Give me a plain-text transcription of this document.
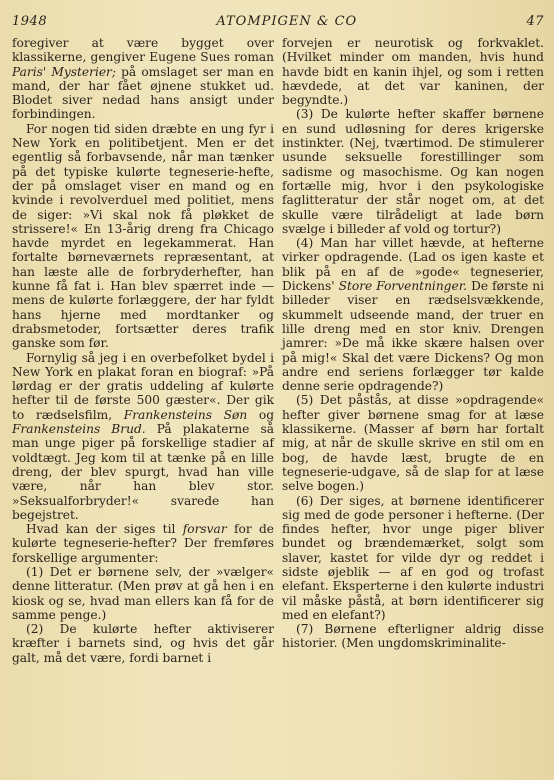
1948	ATOMPIGEN & CO	47

foregiver at være bygget over klassikerne, gengiver Eugene Sues roman Paris' Mysterier; på omslaget ser man en mand, der har fået øjnene stukket ud. Blodet siver nedad hans ansigt under forbindingen.

For nogen tid siden dræbte en ung fyr i New York en politibetjent. Men er det egentlig så forbavsende, når man tænker på det typiske kulørte tegneserie-hefte, der på omslaget viser en mand og en kvinde i revolverduel med politiet, mens de siger: »Vi skal nok få pløkket de strissere!« En 13-årig dreng fra Chicago havde myrdet en legekammerat. Han fortalte børneværnets repræsentant, at han læste alle de forbryderhefter, han kunne få fat i. Han blev spærret inde — mens de kulørte forlæggere, der har fyldt hans hjerne med mordtanker og drabsmetoder, fortsætter deres trafik ganske som før.

Fornylig så jeg i en overbefolket bydel i New York en plakat foran en biograf: »På lørdag er der gratis uddeling af kulørte hefter til de første 500 gæster«. Der gik to rædselsfilm, Frankensteins Søn og Frankensteins Brud. På plakaterne så man unge piger på forskellige stadier af voldtægt. Jeg kom til at tænke på en lille dreng, der blev spurgt, hvad han ville være, når han blev stor. »Seksualforbryder!« svarede han begejstret.

Hvad kan der siges til forsvar for de kulørte tegneserie-hefter? Der fremføres forskellige argumenter:

(1) Det er børnene selv, der »vælger« denne litteratur. (Men prøv at gå hen i en kiosk og se, hvad man ellers kan få for de samme penge.)

(2) De kulørte hefter aktiviserer kræfter i barnets sind, og hvis det går galt, må det være, fordi barnet i

forvejen er neurotisk og forkvaklet. (Hvilket minder om manden, hvis hund havde bidt en kanin ihjel, og som i retten hævdede, at det var kaninen, der begyndte.)

(3) De kulørte hefter skaffer børnene en sund udløsning for deres krigerske instinkter. (Nej, tværtimod. De stimulerer usunde seksuelle forestillinger som sadisme og masochisme. Og kan nogen fortælle mig, hvor i den psykologiske faglitteratur der står noget om, at det skulle være tilrådeligt at lade børn svælge i billeder af vold og tortur?)

(4) Man har villet hævde, at hefterne virker opdragende. (Lad os igen kaste et blik på en af de »gode« tegneserier, Dickens' Store Forventninger. De første ni billeder viser en rædselsvækkende, skummelt udseende mand, der truer en lille dreng med en stor kniv. Drengen jamrer: »De må ikke skære halsen over på mig!« Skal det være Dickens? Og mon andre end seriens forlægger tør kalde denne serie opdragende?)

(5) Det påstås, at disse »opdragende« hefter giver børnene smag for at læse klassikerne. (Masser af børn har fortalt mig, at når de skulle skrive en stil om en bog, de havde læst, brugte de en tegneserie-udgave, så de slap for at læse selve bogen.)

(6) Der siges, at børnene identificerer sig med de gode personer i hefterne. (Der findes hefter, hvor unge piger bliver bundet og brændemærket, solgt som slaver, kastet for vilde dyr og reddet i sidste øjeblik — af en god og trofast elefant. Eksperterne i den kulørte industri vil måske påstå, at børn identificerer sig med en elefant?)

(7) Børnene efterligner aldrig disse historier. (Men ungdomskriminalite-
